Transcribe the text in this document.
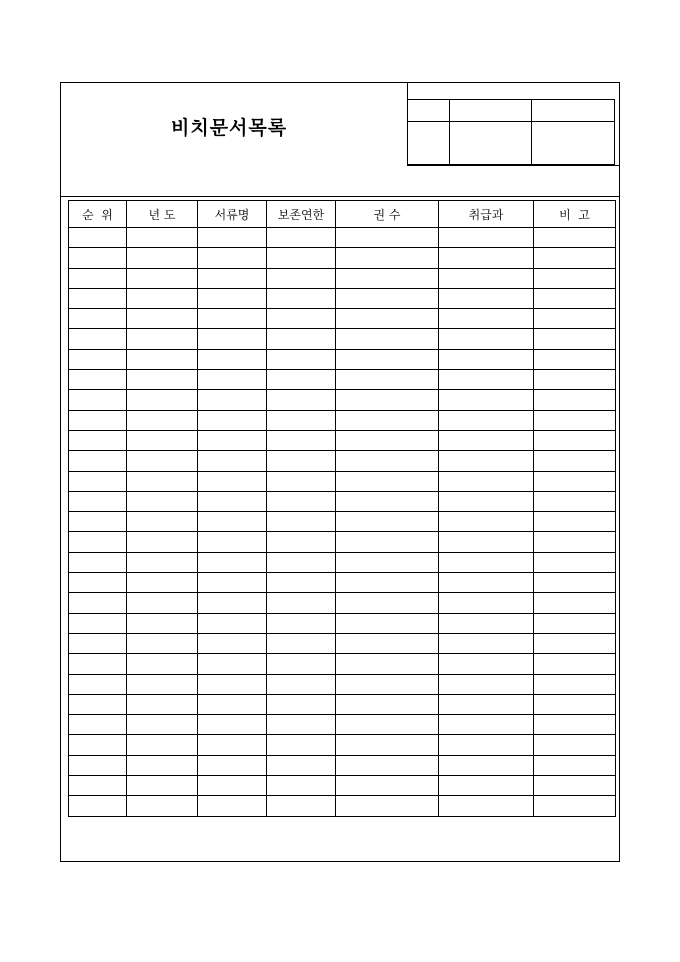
비치문서목록

순  위	년 도	서류명	보존연한	권 수	취급과	비  고
